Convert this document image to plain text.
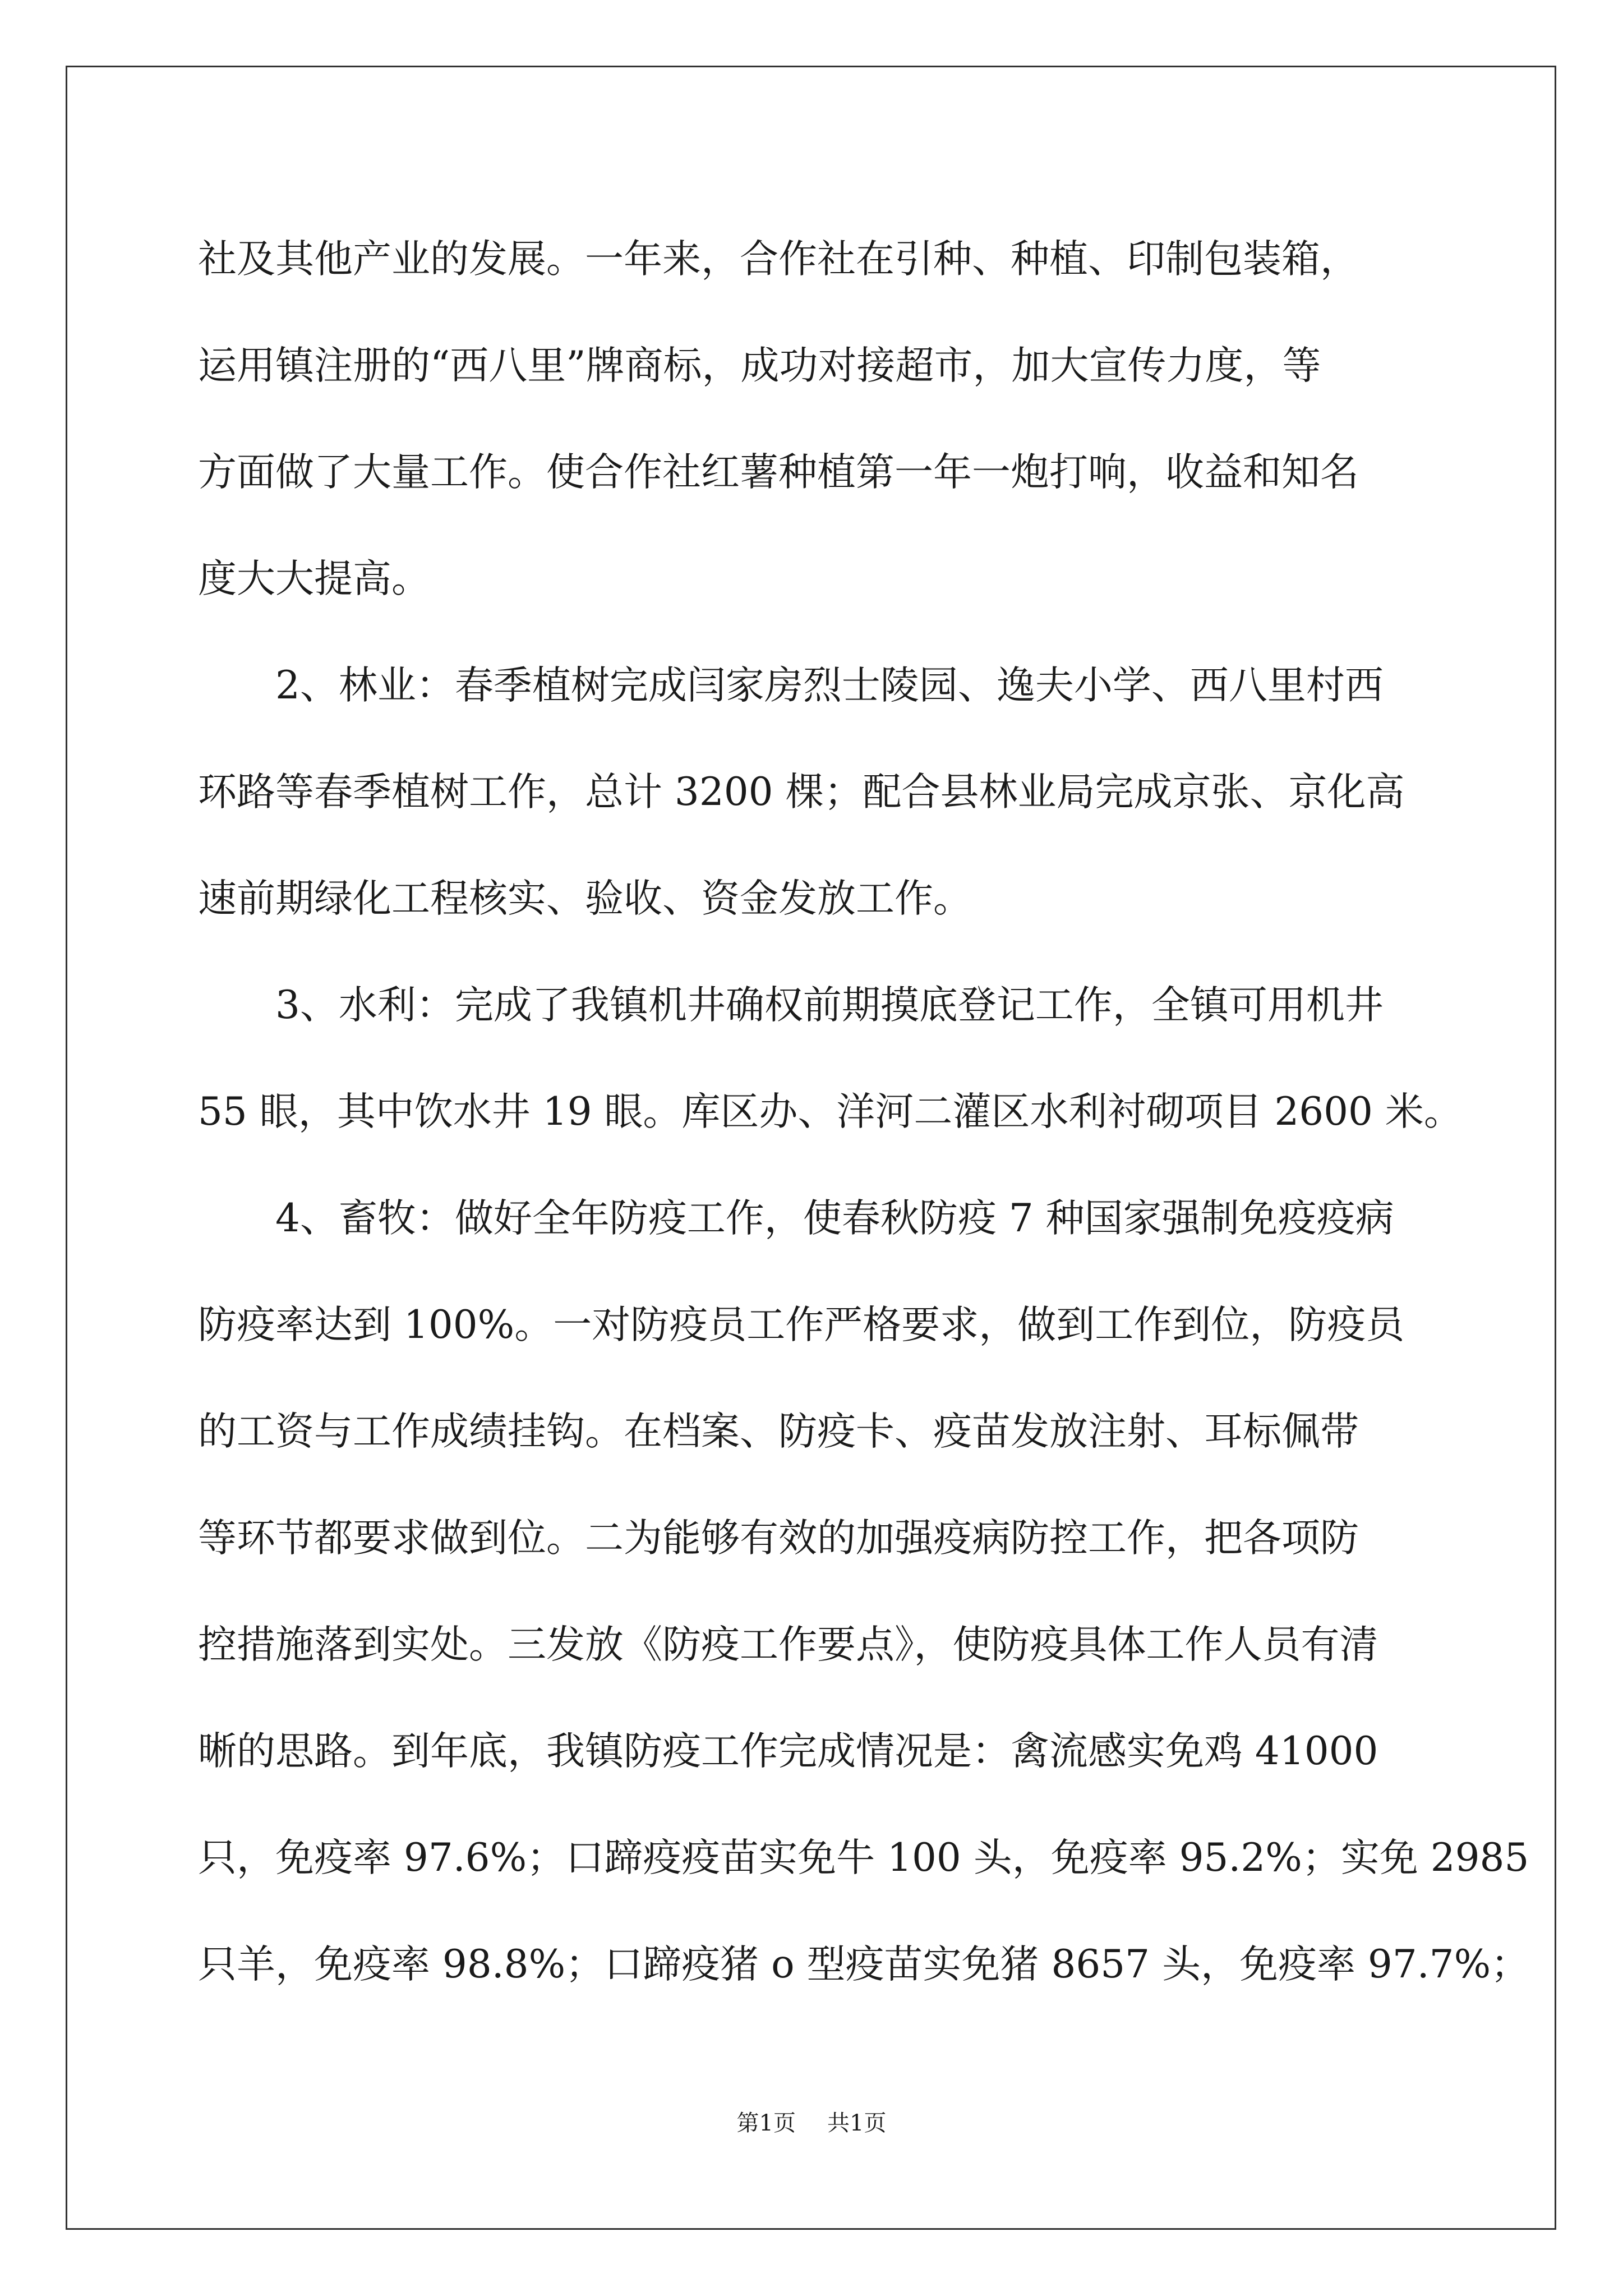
社及其他产业的发展。一年来，合作社在引种、种植、印制包装箱，
运用镇注册的“西八里”牌商标，成功对接超市，加大宣传力度，等
方面做了大量工作。使合作社红薯种植第一年一炮打响，收益和知名
度大大提高。
　　2、林业：春季植树完成闫家房烈士陵园、逸夫小学、西八里村西
环路等春季植树工作，总计 3200 棵；配合县林业局完成京张、京化高
速前期绿化工程核实、验收、资金发放工作。
　　3、水利：完成了我镇机井确权前期摸底登记工作，全镇可用机井
55 眼，其中饮水井 19 眼。库区办、洋河二灌区水利衬砌项目 2600 米。
　　4、畜牧：做好全年防疫工作，使春秋防疫 7 种国家强制免疫疫病
防疫率达到 100%。一对防疫员工作严格要求，做到工作到位，防疫员
的工资与工作成绩挂钩。在档案、防疫卡、疫苗发放注射、耳标佩带
等环节都要求做到位。二为能够有效的加强疫病防控工作，把各项防
控措施落到实处。三发放《防疫工作要点》，使防疫具体工作人员有清
晰的思路。到年底，我镇防疫工作完成情况是：禽流感实免鸡 41000
只，免疫率 97.6%；口蹄疫疫苗实免牛 100 头，免疫率 95.2%；实免 2985
只羊，免疫率 98.8%；口蹄疫猪 o 型疫苗实免猪 8657 头，免疫率 97.7%；
第1页 共1页
